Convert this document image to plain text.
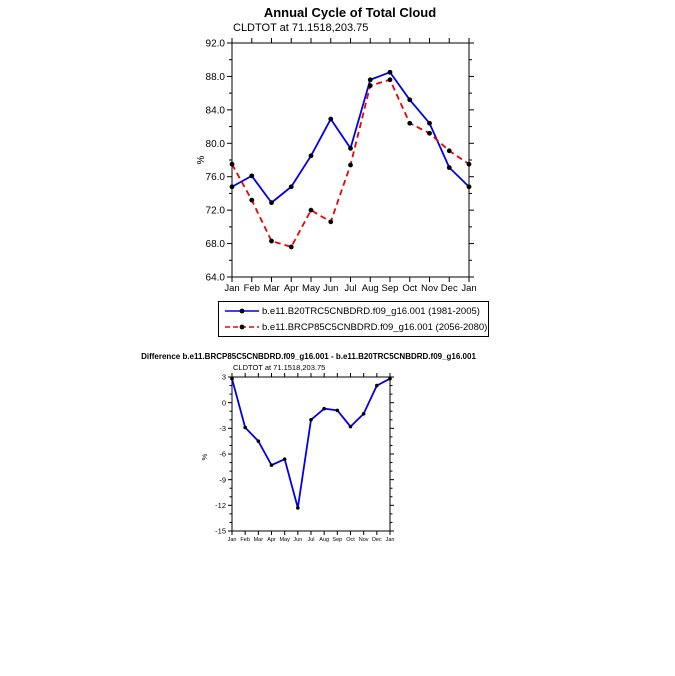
Annual Cycle of Total Cloud
CLDTOT at 71.1518,203.75
Jan Feb Mar Apr May Jun Jul Aug Sep Oct Nov Dec Jan
64.0
68.0
72.0
76.0
80.0
84.0
88.0
92.0
%
b.e11.B20TRC5CNBDRD.f09_g16.001 (1981-2005)
b.e11.BRCP85C5CNBDRD.f09_g16.001 (2056-2080)
Difference b.e11.BRCP85C5CNBDRD.f09_g16.001 - b.e11.B20TRC5CNBDRD.f09_g16.001
CLDTOT at 71.1518,203.75
Jan Feb Mar Apr May Jun Jul Aug Sep Oct Nov Dec Jan
-15
-12
-9
-6
-3
0
3
%
